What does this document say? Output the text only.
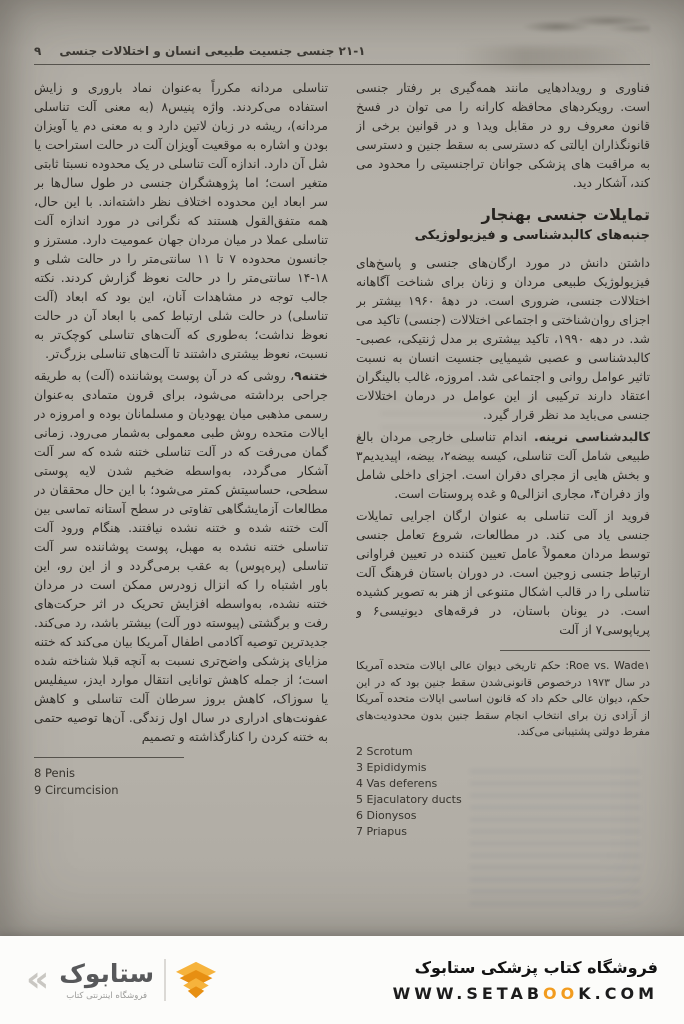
۹ ۲۱-۱ جنسی جنسیت طبیعی انسان و اختلالات جنسی

فناوری و رویدادهایی مانند همه‌گیری بر رفتار جنسی است. رویکردهای محافظه کارانه را می توان در فسخ قانون معروف رو در مقابل وید۱ و در قوانین برخی از قانونگذاران ایالتی که دسترسی به سقط جنین و دسترسی به مراقبت های پزشکی جوانان تراجنسیتی را محدود می کند، آشکار دید.

تمایلات جنسی بهنجار
جنبه‌های کالبدشناسی و فیزیولوژیکی

داشتن دانش در مورد ارگان‌های جنسی و پاسخ‌های فیزیولوژیک طبیعی مردان و زنان برای شناخت آگاهانه اختلالات جنسی، ضروری است. در دهۀ ۱۹۶۰ بیشتر بر اجزای روان‌شناختی و اجتماعی اختلالات (جنسی) تاکید می شد. در دهه ۱۹۹۰، تاکید بیشتری بر مدل ژنتیکی، عصبی-کالبدشناسی و عصبی شیمیایی جنسیت انسان به نسبت تاثیر عوامل روانی و اجتماعی شد. امروزه، غالب بالینگران اعتقاد دارند ترکیبی از این عوامل در درمان اختلالات جنسی می‌باید مد نظر قرار گیرد.

کالبدشناسی نرینه. اندام تناسلی خارجی مردان بالغ طبیعی شامل آلت تناسلی، کیسه بیضه۲، بیضه، اپیدیدیم۳ و بخش هایی از مجرای دفران است. اجزای داخلی شامل واز دفران۴، مجاری انزالی۵ و غده پروستات است.

فروید از آلت تناسلی به عنوان ارگان اجرایی تمایلات جنسی یاد می کند. در مطالعات، شروع تعامل جنسی توسط مردان معمولاً عامل تعیین کننده در تعیین فراوانی ارتباط جنسی زوجین است. در دوران باستان فرهنگ آلت تناسلی را در قالب اشکال متنوعی از هنر به تصویر کشیده است. در یونان باستان، در فرقه‌های دیونیسی۶ و پریاپوسی۷ از آلت

Roe vs. Wade۱: حکم تاریخی دیوان عالی ایالات متحده آمریکا در سال ۱۹۷۳ درخصوص قانونی‌شدن سقط جنین بود که در این حکم، دیوان عالی حکم داد که قانون اساسی ایالات متحده آمریکا از آزادی زن برای انتخاب انجام سقط جنین بدون محدودیت‌های مفرط دولتی پشتیبانی می‌کند.

2 Scrotum
3 Epididymis
4 Vas deferens
5 Ejaculatory ducts
6 Dionysos
7 Priapus

تناسلی مردانه مکرراً به‌عنوان نماد باروری و زایش استفاده می‌کردند. واژه پنیس۸ (به معنی آلت تناسلی مردانه)، ریشه در زبان لاتین دارد و به معنی دم یا آویزان بودن و اشاره به موقعیت آویزان آلت در حالت استراحت یا شل آن دارد. اندازه آلت تناسلی در یک محدوده نسبتا ثابتی متغیر است؛ اما پژوهشگران جنسی در طول سال‌ها بر سر ابعاد این محدوده اختلاف نظر داشته‌اند. با این حال، همه متفق‌القول هستند که نگرانی در مورد اندازه آلت تناسلی عملا در میان مردان جهان عمومیت دارد. مسترز و جانسون محدوده ۷ تا ۱۱ سانتی‌متر را در حالت شلی و ۱۸-۱۴ سانتی‌متر را در حالت نعوظ گزارش کردند. نکته جالب توجه در مشاهدات آنان، این بود که ابعاد (آلت تناسلی) در حالت شلی ارتباط کمی با ابعاد آن در حالت نعوظ نداشت؛ به‌طوری که آلت‌های تناسلی کوچک‌تر به نسبت، نعوظ بیشتری داشتند تا آلت‌های تناسلی بزرگ‌تر.

ختنه۹، روشی که در آن پوست پوشاننده (آلت) به طریقه جراحی برداشته می‌شود، برای قرون متمادی به‌عنوان رسمی مذهبی میان یهودیان و مسلمانان بوده و امروزه در ایالات متحده روش طبی معمولی به‌شمار می‌رود. زمانی گمان می‌رفت که در آلت تناسلی ختنه شده که سر آلت آشکار می‌گردد، به‌واسطه ضخیم شدن لایه پوستی سطحی، حساسیتش کمتر می‌شود؛ با این حال محققان در مطالعات آزمایشگاهی تفاوتی در سطح آستانه تماسی بین آلت ختنه شده و ختنه نشده نیافتند. هنگام ورود آلت تناسلی ختنه نشده به مهبل، پوست پوشاننده سر آلت تناسلی (پره‌پوس) به عقب برمی‌گردد و از این رو، این باور اشتباه را که انزال زودرس ممکن است در مردان ختنه نشده، به‌واسطه افزایش تحریک در اثر حرکت‌های رفت و برگشتی (پیوسته دور آلت) بیشتر باشد، رد می‌کند. جدیدترین توصیه آکادمی اطفال آمریکا بیان می‌کند که ختنه مزایای پزشکی واضح‌تری نسبت به آنچه قبلا شناخته شده است؛ از جمله کاهش توانایی انتقال موارد ایدز، سیفلیس یا سوزاک، کاهش بروز سرطان آلت تناسلی و کاهش عفونت‌های ادراری در سال اول زندگی. آن‌ها توصیه حتمی به ختنه کردن را کنارگذاشته و تصمیم

8 Penis
9 Circumcision
« ستابوک
فروشگاه اینترنتی کتاب
فروشگاه کتاب پزشکی ستابوک
WWW.SETABOOK.COM
